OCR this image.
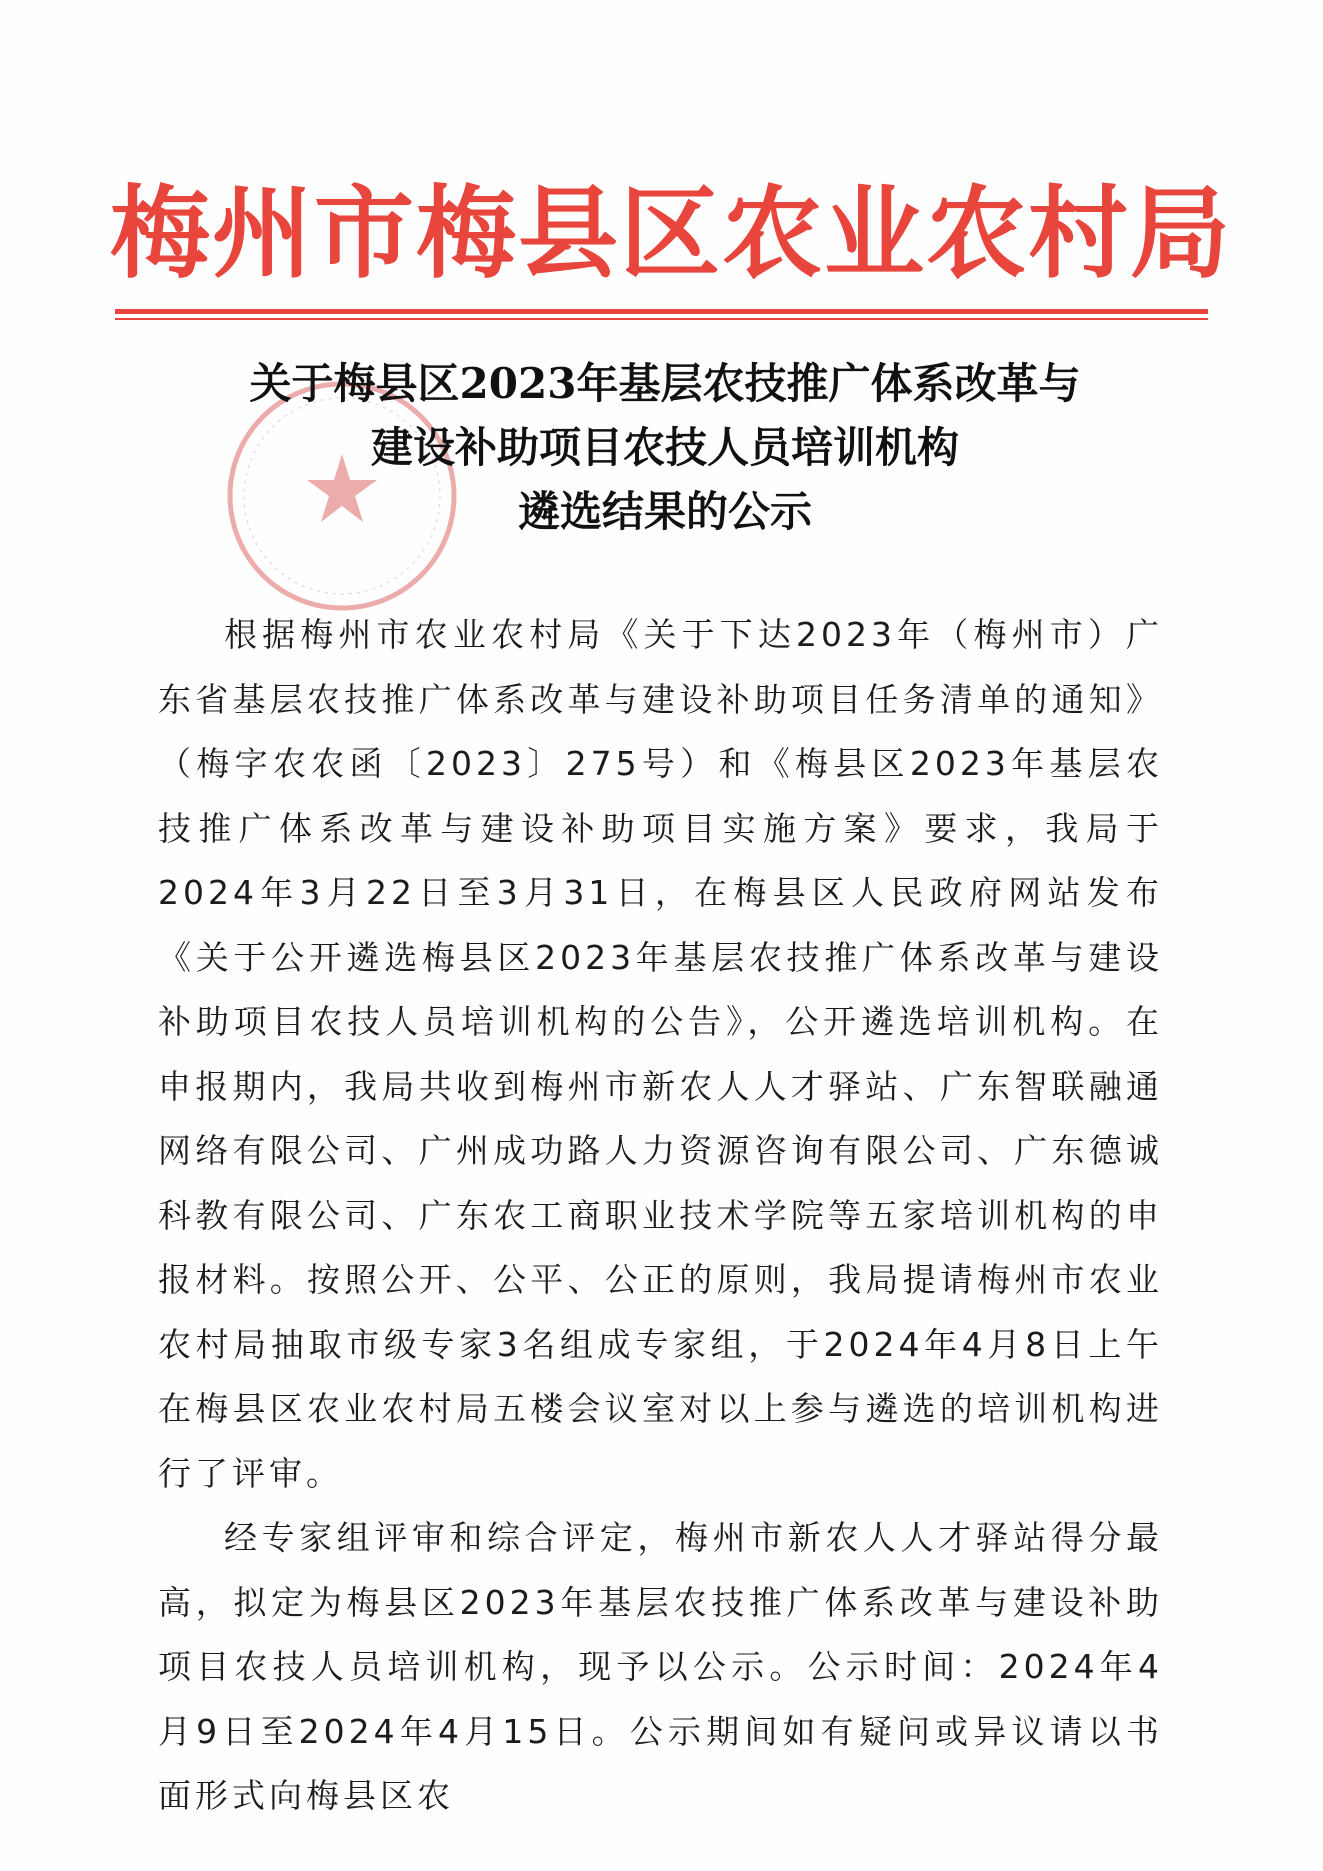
梅州市梅县区农业农村局
关于梅县区2023年基层农技推广体系改革与
建设补助项目农技人员培训机构
遴选结果的公示

根据梅州市农业农村局《关于下达2023年（梅州市）广东省基层农技推广体系改革与建设补助项目任务清单的通知》（梅字农农函〔2023〕275号）和《梅县区2023年基层农技推广体系改革与建设补助项目实施方案》要求，我局于2024年3月22日至3月31日，在梅县区人民政府网站发布《关于公开遴选梅县区2023年基层农技推广体系改革与建设补助项目农技人员培训机构的公告》，公开遴选培训机构。在申报期内，我局共收到梅州市新农人人才驿站、广东智联融通网络有限公司、广州成功路人力资源咨询有限公司、广东德诚科教有限公司、广东农工商职业技术学院等五家培训机构的申报材料。按照公开、公平、公正的原则，我局提请梅州市农业农村局抽取市级专家3名组成专家组，于2024年4月8日上午在梅县区农业农村局五楼会议室对以上参与遴选的培训机构进行了评审。

经专家组评审和综合评定，梅州市新农人人才驿站得分最高，拟定为梅县区2023年基层农技推广体系改革与建设补助项目农技人员培训机构，现予以公示。公示时间：2024年4月9日至2024年4月15日。公示期间如有疑问或异议请以书面形式向梅县区农
